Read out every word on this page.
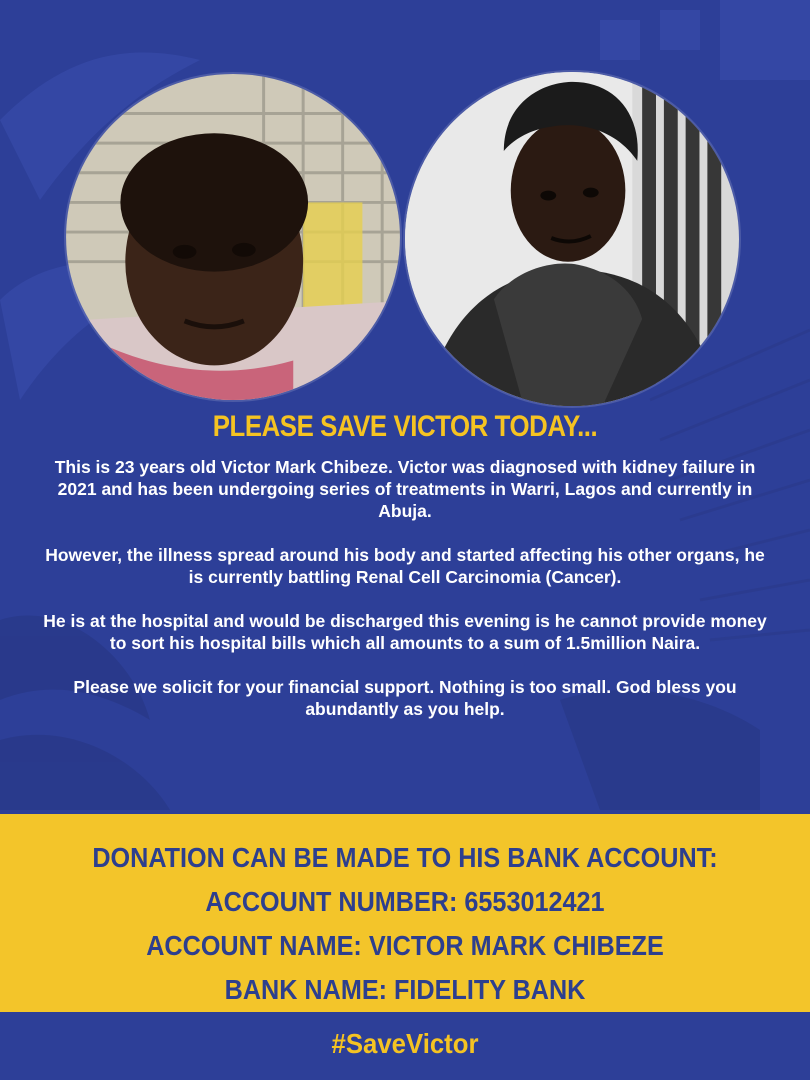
PLEASE SAVE VICTOR TODAY...

This is 23 years old Victor Mark Chibeze. Victor was diagnosed with kidney failure in 2021 and has been undergoing series of treatments in Warri, Lagos and currently in Abuja.

However, the illness spread around his body and started affecting his other organs, he is currently battling Renal Cell Carcinomia (Cancer).

He is at the hospital and would be discharged this evening is he cannot provide money to sort his hospital bills which all amounts to a sum of 1.5million Naira.

Please we solicit for your financial support. Nothing is too small. God bless you abundantly as you help.

DONATION CAN BE MADE TO HIS BANK ACCOUNT:
ACCOUNT NUMBER: 6553012421
ACCOUNT NAME: VICTOR MARK CHIBEZE
BANK NAME: FIDELITY BANK
#SaveVictor
